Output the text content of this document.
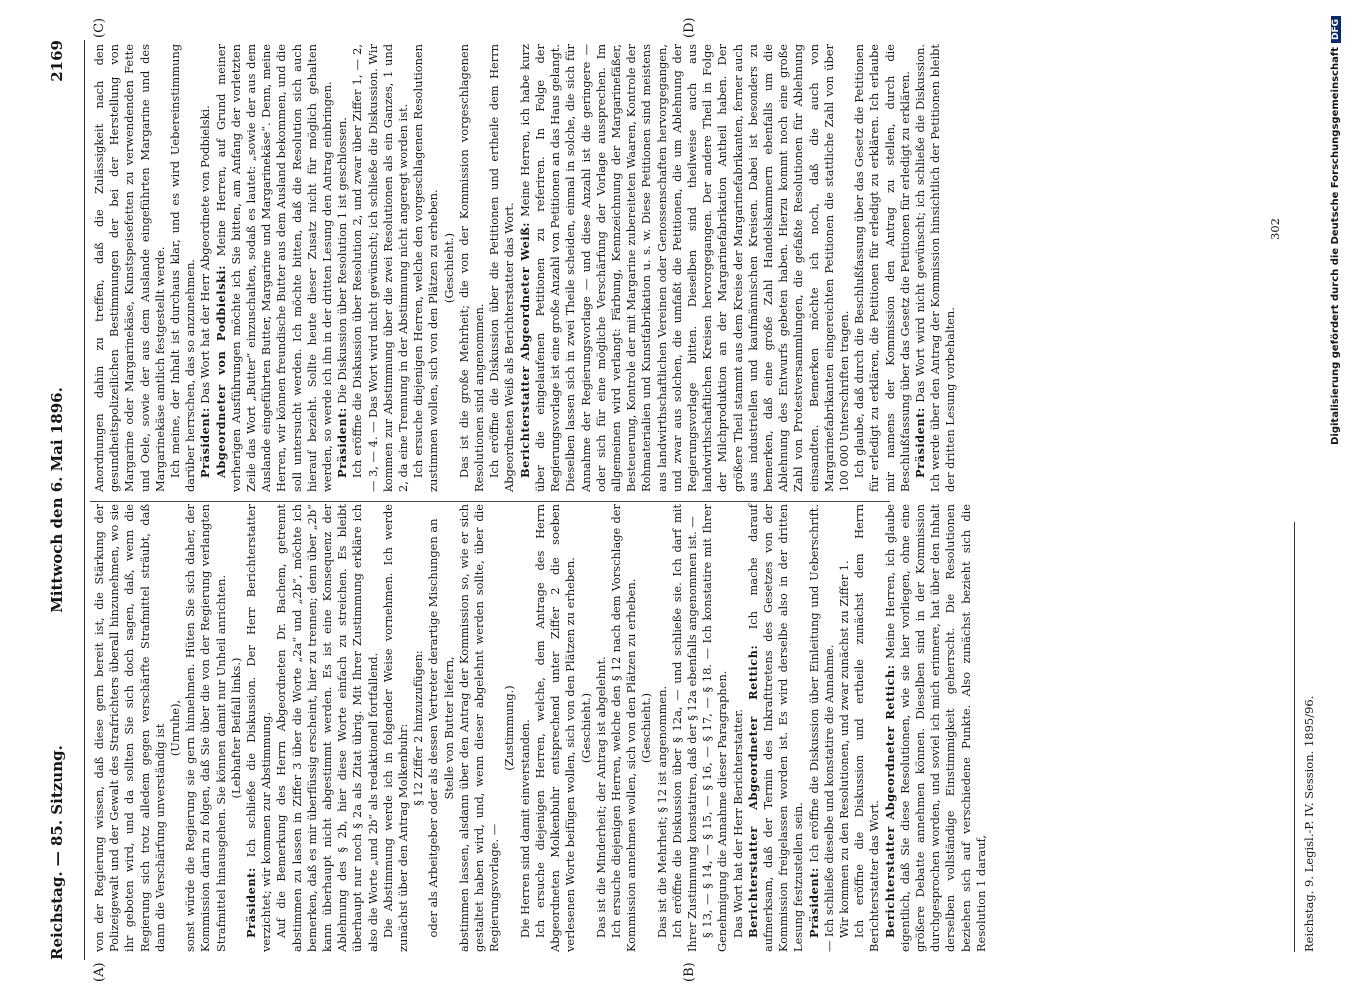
Reichstag. — 85. Sitzung.
Mittwoch den 6. Mai 1896.
2169
(A)	(B)
(C)	(D)

von der Regierung wissen, daß diese gern bereit ist, die Stärkung der Polizeigewalt und der Gewalt des Strafrichters überall hinzunehmen, wo sie ihr geboten wird, und da sollten Sie sich doch sagen, daß, wenn die Regierung sich trotz alledem gegen verschärfte Strafmittel sträubt, daß dann die Verschärfung unverständig ist (Unruhe), sonst würde die Regierung sie gern hinnehmen. Hüten Sie sich daher, der Kommission darin zu folgen, daß Sie über die von der Regierung verlangten Strafmittel hinausgehen. Sie können damit nur Unheil anrichten. (Lebhafter Beifall links.)

Präsident: Ich schließe die Diskussion. Der Herr Berichterstatter verzichtet; wir kommen zur Abstimmung. Auf die Bemerkung des Herrn Abgeordneten Dr. Bachem, getrennt abstimmen zu lassen in Ziffer 3 über die Worte „2a“ und „2b“, möchte ich bemerken, daß es mir überflüssig erscheint, hier zu trennen; denn über „2b“ kann überhaupt nicht abgestimmt werden. Es ist eine Konsequenz der Ablehnung des § 2b, hier diese Worte einfach zu streichen. Es bleibt überhaupt nur noch § 2a als Zitat übrig. Mit Ihrer Zustimmung erkläre ich also die Worte „und 2b“ als redaktionell fortfallend. Die Abstimmung werde ich in folgender Weise vornehmen. Ich werde zunächst über den Antrag Molkenbuhr: § 12 Ziffer 2 hinzuzufügen: oder als Arbeitgeber oder als dessen Vertreter derartige Mischungen an Stelle von Butter liefern, abstimmen lassen, alsdann über den Antrag der Kommission so, wie er sich gestaltet haben wird, und, wenn dieser abgelehnt werden sollte, über die Regierungsvorlage. —

(Zustimmung.) Die Herren sind damit einverstanden. Ich ersuche diejenigen Herren, welche, dem Antrage des Herrn Abgeordneten Molkenbuhr entsprechend unter Ziffer 2 die soeben verlesenen Worte beifügen wollen, sich von den Plätzen zu erheben. (Geschieht.) Das ist die Minderheit; der Antrag ist abgelehnt. Ich ersuche diejenigen Herren, welche den § 12 nach dem Vorschlage der Kommission annehmen wollen, sich von den Plätzen zu erheben. (Geschieht.) Das ist die Mehrheit; § 12 ist angenommen. Ich eröffne die Diskussion über § 12a, — und schließe sie. Ich darf mit Ihrer Zustimmung konstatiren, daß der § 12a ebenfalls angenommen ist. — § 13, — § 14, — § 15, — § 16, — § 17, — § 18. — Ich konstatire mit Ihrer Genehmigung die Annahme dieser Paragraphen. Das Wort hat der Herr Berichterstatter. Berichterstatter Abgeordneter Rettich: Ich mache darauf aufmerksam, daß der Termin des Inkrafttretens des Gesetzes von der Kommission freigelassen worden ist. Es wird derselbe also in der dritten Lesung festzustellen sein. Präsident: Ich eröffne die Diskussion über Einleitung und Ueberschrift. — Ich schließe dieselbe und konstatire die Annahme. Wir kommen zu den Resolutionen, und zwar zunächst zu Ziffer 1. Ich eröffne die Diskussion und ertheile zunächst dem Herrn Berichterstatter das Wort. Berichterstatter Abgeordneter Rettich: Meine Herren, ich glaube eigentlich, daß Sie diese Resolutionen, wie sie hier vorliegen, ohne eine größere Debatte annehmen können. Dieselben sind in der Kommission durchgesprochen worden, und soviel ich mich erinnere, hat über den Inhalt derselben vollständige Einstimmigkeit geherrscht. Die Resolutionen beziehen sich auf verschiedene Punkte. Also zunächst bezieht sich die Resolution 1 darauf,

Anordnungen dahin zu treffen, daß die Zulässigkeit nach den gesundheitspolizeilichen Bestimmungen der bei der Herstellung von Margarine oder Margarinekäse, Kunstspeisefetten zu verwendenden Fette und Oele, sowie der aus dem Auslande eingeführten Margarine und des Margarinekäse amtlich festgestellt werde. Ich meine, der Inhalt ist durchaus klar, und es wird Uebereinstimmung darüber herrschen, das so anzunehmen. Präsident: Das Wort hat der Herr Abgeordnete von Podbielski. Abgeordneter von Podbielski: Meine Herren, auf Grund meiner vorherigen Ausführungen möchte ich Sie bitten, am Anfang der vorletzten Zeile das Wort „Butter“ einzuschalten, sodaß es lautet: „sowie der aus dem Auslande eingeführten Butter, Margarine und Margarinekäse“. Denn, meine Herren, wir können freundische Butter aus dem Ausland bekommen, und die soll untersucht werden. Ich möchte bitten, daß die Resolution sich auch hierauf bezieht. Sollte heute dieser Zusatz nicht für möglich gehalten werden, so werde ich ihn in der dritten Lesung den Antrag einbringen. Präsident: Die Diskussion über Resolution 1 ist geschlossen. Ich eröffne die Diskussion über Resolution 2, und zwar über Ziffer 1, — 2, — 3, — 4. — Das Wort wird nicht gewünscht; ich schließe die Diskussion. Wir kommen zur Abstimmung über die zwei Resolutionen als ein Ganzes, 1 und 2, da eine Trennung in der Abstimmung nicht angeregt worden ist. Ich ersuche diejenigen Herren, welche den vorgeschlagenen Resolutionen zustimmen wollen, sich von den Plätzen zu erheben. (Geschieht.) Das ist die große Mehrheit; die von der Kommission vorgeschlagenen Resolutionen sind angenommen. Ich eröffne die Diskussion über die Petitionen und ertheile dem Herrn Abgeordneten Weiß als Berichterstatter das Wort. Berichterstatter Abgeordneter Weiß: Meine Herren, ich habe kurz über die eingelaufenen Petitionen zu referiren. In Folge der Regierungsvorlage ist eine große Anzahl von Petitionen an das Haus gelangt. Dieselben lassen sich in zwei Theile scheiden, einmal in solche, die sich für Annahme der Regierungsvorlage — und diese Anzahl ist die geringere — oder sich für eine mögliche Verschärfung der Vorlage aussprechen. Im allgemeinen wird verlangt: Färbung, Kennzeichnung der Margarinefäßer, Besteuerung, Kontrole der mit Margarine zubereiteten Waaren, Kontrole der Rohmaterialien und Kunstfabrikation u. s. w. Diese Petitionen sind meistens aus landwirthschaftlichen Vereinen oder Genossenschaften hervorgegangen, und zwar aus solchen, die umfaßt die Petitionen, die um Ablehnung der Regierungsvorlage bitten. Dieselben sind theilweise auch aus landwirthschaftlichen Kreisen hervorgegangen. Der andere Theil in Folge der Milchproduktion an der Margarinefabrikation Antheil haben. Der größere Theil stammt aus dem Kreise der Margarinefabrikanten, ferner auch aus industriellen und kaufmännischen Kreisen. Dabei ist besonders zu bemerken, daß eine große Zahl Handelskammern ebenfalls um die Ablehnung des Entwurfs gebeten haben. Hierzu kommt noch eine große Zahl von Protestversammlungen, die gefaßte Resolutionen für Ablehnung einsandten. Bemerken möchte ich noch, daß die auch von Margarinefabrikanten eingereichten Petitionen die stattliche Zahl von über 100 000 Unterschriften tragen. Ich glaube, daß durch die Beschlußfassung über das Gesetz die Petitionen für erledigt zu erklären, die Petitionen für erledigt zu erklären. Ich erlaube mir namens der Kommission den Antrag zu stellen, durch die Beschlußfassung über das Gesetz die Petitionen für erledigt zu erklären. Präsident: Das Wort wird nicht gewünscht; ich schließe die Diskussion. Ich werde über den Antrag der Kommission hinsichtlich der Petitionen bleibt der dritten Lesung vorbehalten.

Reichstag. 9. Legisl.-P. IV. Session. 1895/96.
302	Digitalisierung gefördert durch die Deutsche ForschungsgemeinschaftDFG
